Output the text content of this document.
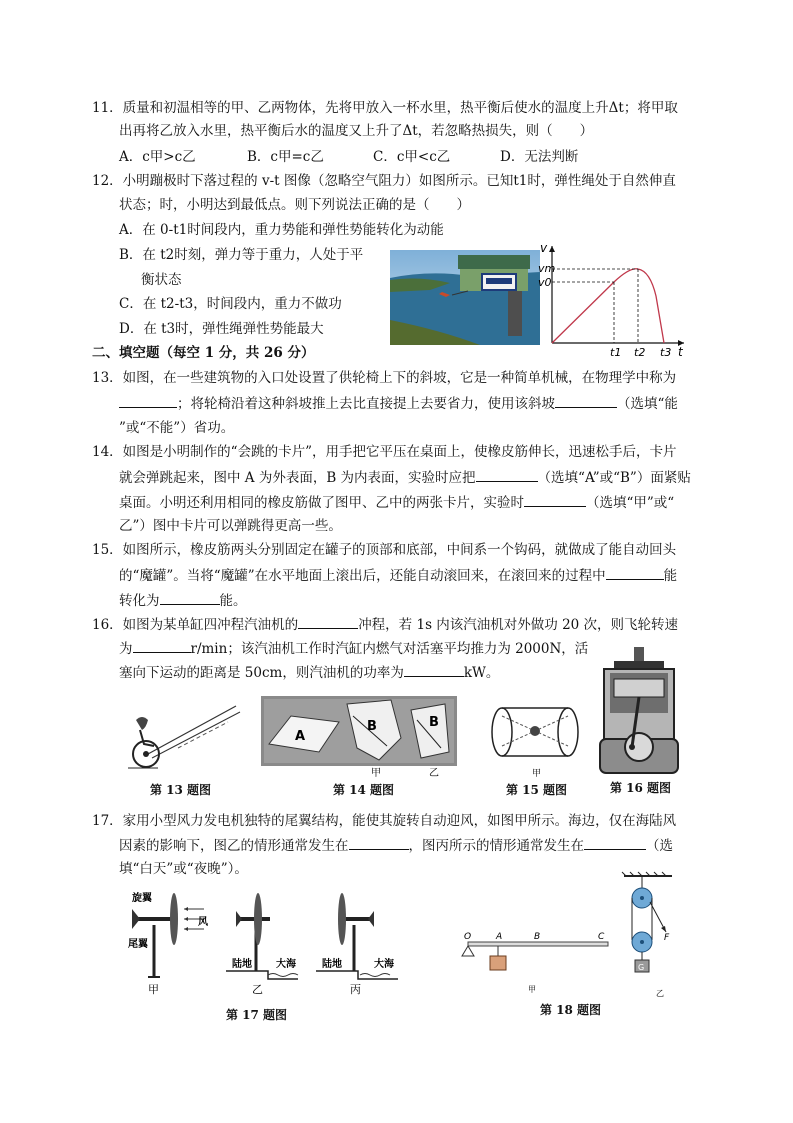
11．质量和初温相等的甲、乙两物体，先将甲放入一杯水里，热平衡后使水的温度上升Δt；将甲取
出再将乙放入水里，热平衡后水的温度又上升了Δt，若忽略热损失，则（　　）
A．c甲>c乙	B．c甲=c乙	C．c甲<c乙	D．无法判断
12．小明蹦极时下落过程的 v-t 图像（忽略空气阻力）如图所示。已知t1时，弹性绳处于自然伸直
状态；时，小明达到最低点。则下列说法正确的是（　　）
A．在 0-t1时间段内，重力势能和弹性势能转化为动能
B．在 t2时刻，弹力等于重力，人处于平
衡状态
C．在 t2-t3，时间段内，重力不做功
D．在 t3时，弹性绳弹性势能最大
v
vm
v0
t1 t2 t3 t
二、填空题（每空 1 分，共 26 分）
13．如图，在一些建筑物的入口处设置了供轮椅上下的斜坡，它是一种简单机械，在物理学中称为
；将轮椅沿着这种斜坡推上去比直接提上去要省力，使用该斜坡	（选填“能
”或“不能”）省功。
14．如图是小明制作的“会跳的卡片”，用手把它平压在桌面上，使橡皮筋伸长，迅速松手后，卡片
就会弹跳起来，图中 A 为外表面，B 为内表面，实验时应把	（选填“A”或“B”）面紧贴
桌面。小明还利用相同的橡皮筋做了图甲、乙中的两张卡片，实验时	（选填“甲”或“
乙”）图中卡片可以弹跳得更高一些。
15．如图所示，橡皮筋两头分别固定在罐子的顶部和底部，中间系一个钩码，就做成了能自动回头
的“魔罐”。当将“魔罐”在水平地面上滚出后，还能自动滚回来，在滚回来的过程中	能
转化为	能。
16．如图为某单缸四冲程汽油机的	冲程，若 1s 内该汽油机对外做功 20 次，则飞轮转速
为	r/min；该汽油机工作时汽缸内燃气对活塞平均推力为 2000N，活
塞向下运动的距离是 50cm，则汽油机的功率为	kW。
第 13 题图
A
B	B
甲	乙
第 14 题图
甲
第 15 题图	第 16 题图
17．家用小型风力发电机独特的尾翼结构，能使其旋转自动迎风，如图甲所示。海边，仅在海陆风
因素的影响下，图乙的情形通常发生在	，图丙所示的情形通常发生在	（选
填“白天”或“夜晚”）。
旋翼
尾翼
风
甲
陆地 大海
乙
陆地	大海
丙
第 17 题图
O	A	B	C
甲
G
F
乙
第 18 题图
